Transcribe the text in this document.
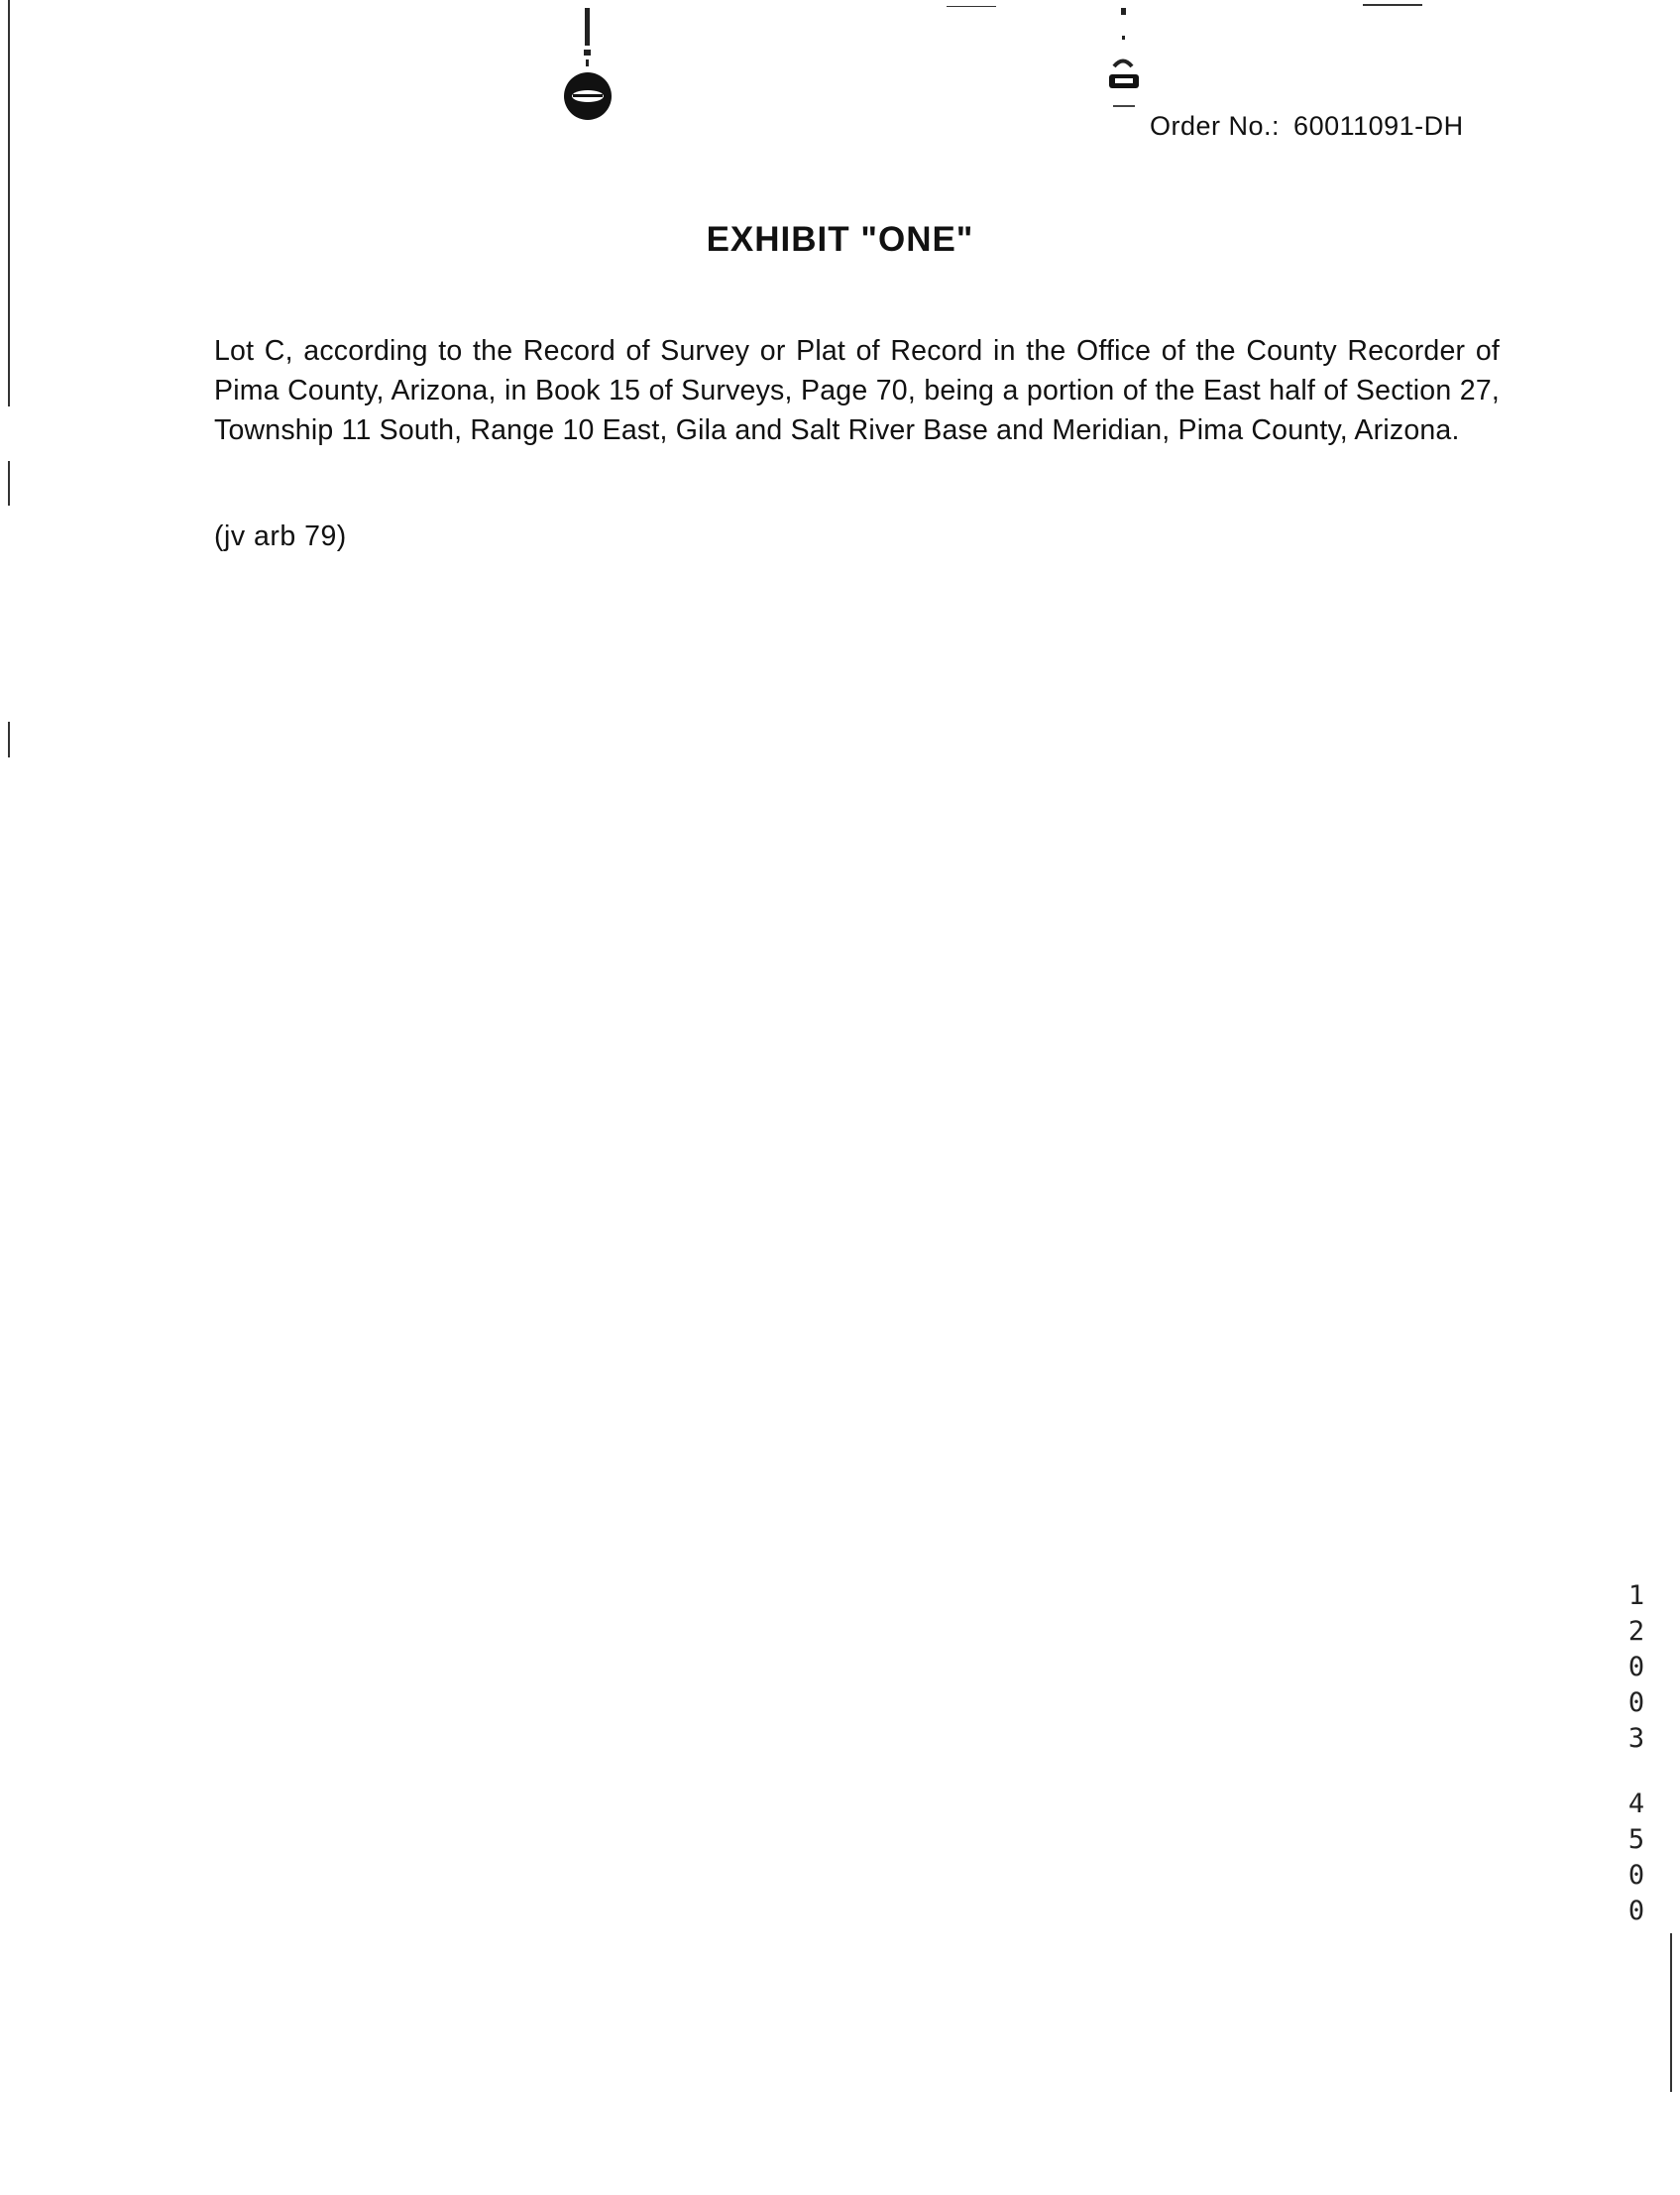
Order No.: 60011091-DH
EXHIBIT "ONE"
Lot C, according to the Record of Survey or Plat of Record in the Office of the County Recorder of Pima County, Arizona, in Book 15 of Surveys, Page 70, being a portion of the East half of Section 27, Township 11 South, Range 10 East, Gila and Salt River Base and Meridian, Pima County, Arizona.
(jv arb 79)
1
2
0
0
3
4
5
0
0
